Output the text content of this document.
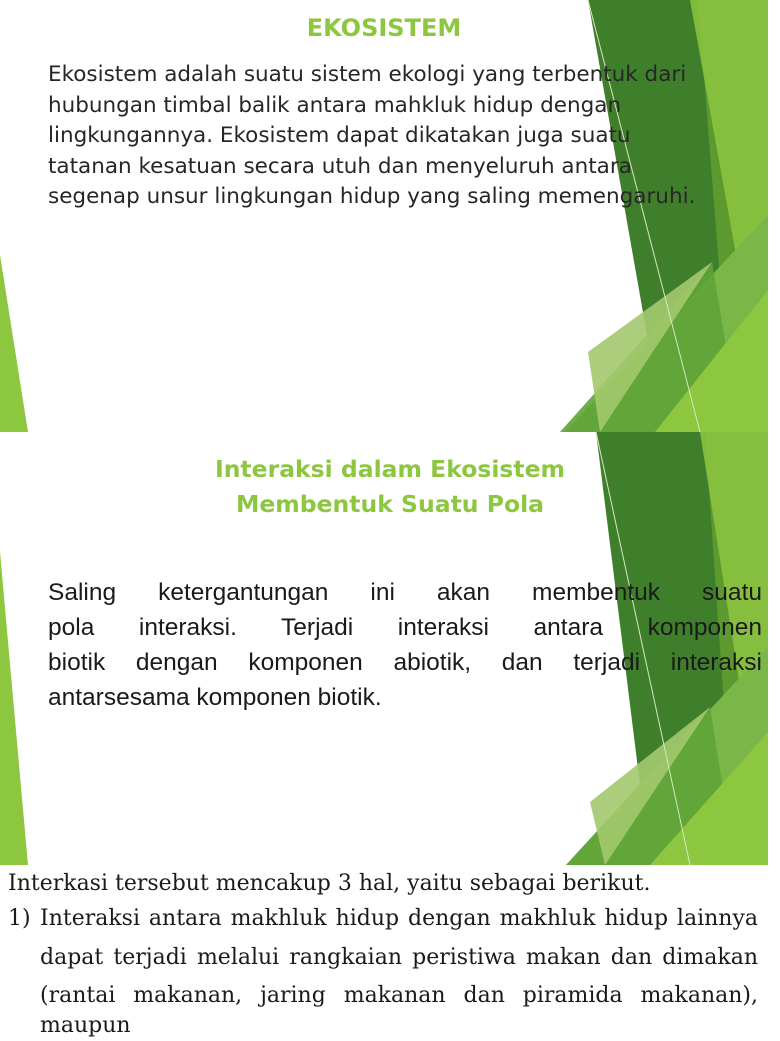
EKOSISTEM
Ekosistem adalah suatu sistem ekologi yang terbentuk dari
hubungan timbal balik antara mahkluk hidup dengan
lingkungannya. Ekosistem dapat dikatakan juga suatu
tatanan kesatuan secara utuh dan menyeluruh antara
segenap unsur lingkungan hidup yang saling memengaruhi.
Interaksi dalam Ekosistem
Membentuk Suatu Pola
Saling ketergantungan ini akan membentuk suatu
pola interaksi. Terjadi interaksi antara komponen
biotik dengan komponen abiotik, dan terjadi interaksi
antarsesama komponen biotik.
Interkasi tersebut mencakup 3 hal, yaitu sebagai berikut.
1) Interaksi antara makhluk hidup dengan makhluk hidup lainnya
dapat terjadi melalui rangkaian peristiwa makan dan dimakan
(rantai makanan, jaring makanan dan piramida makanan), maupun
